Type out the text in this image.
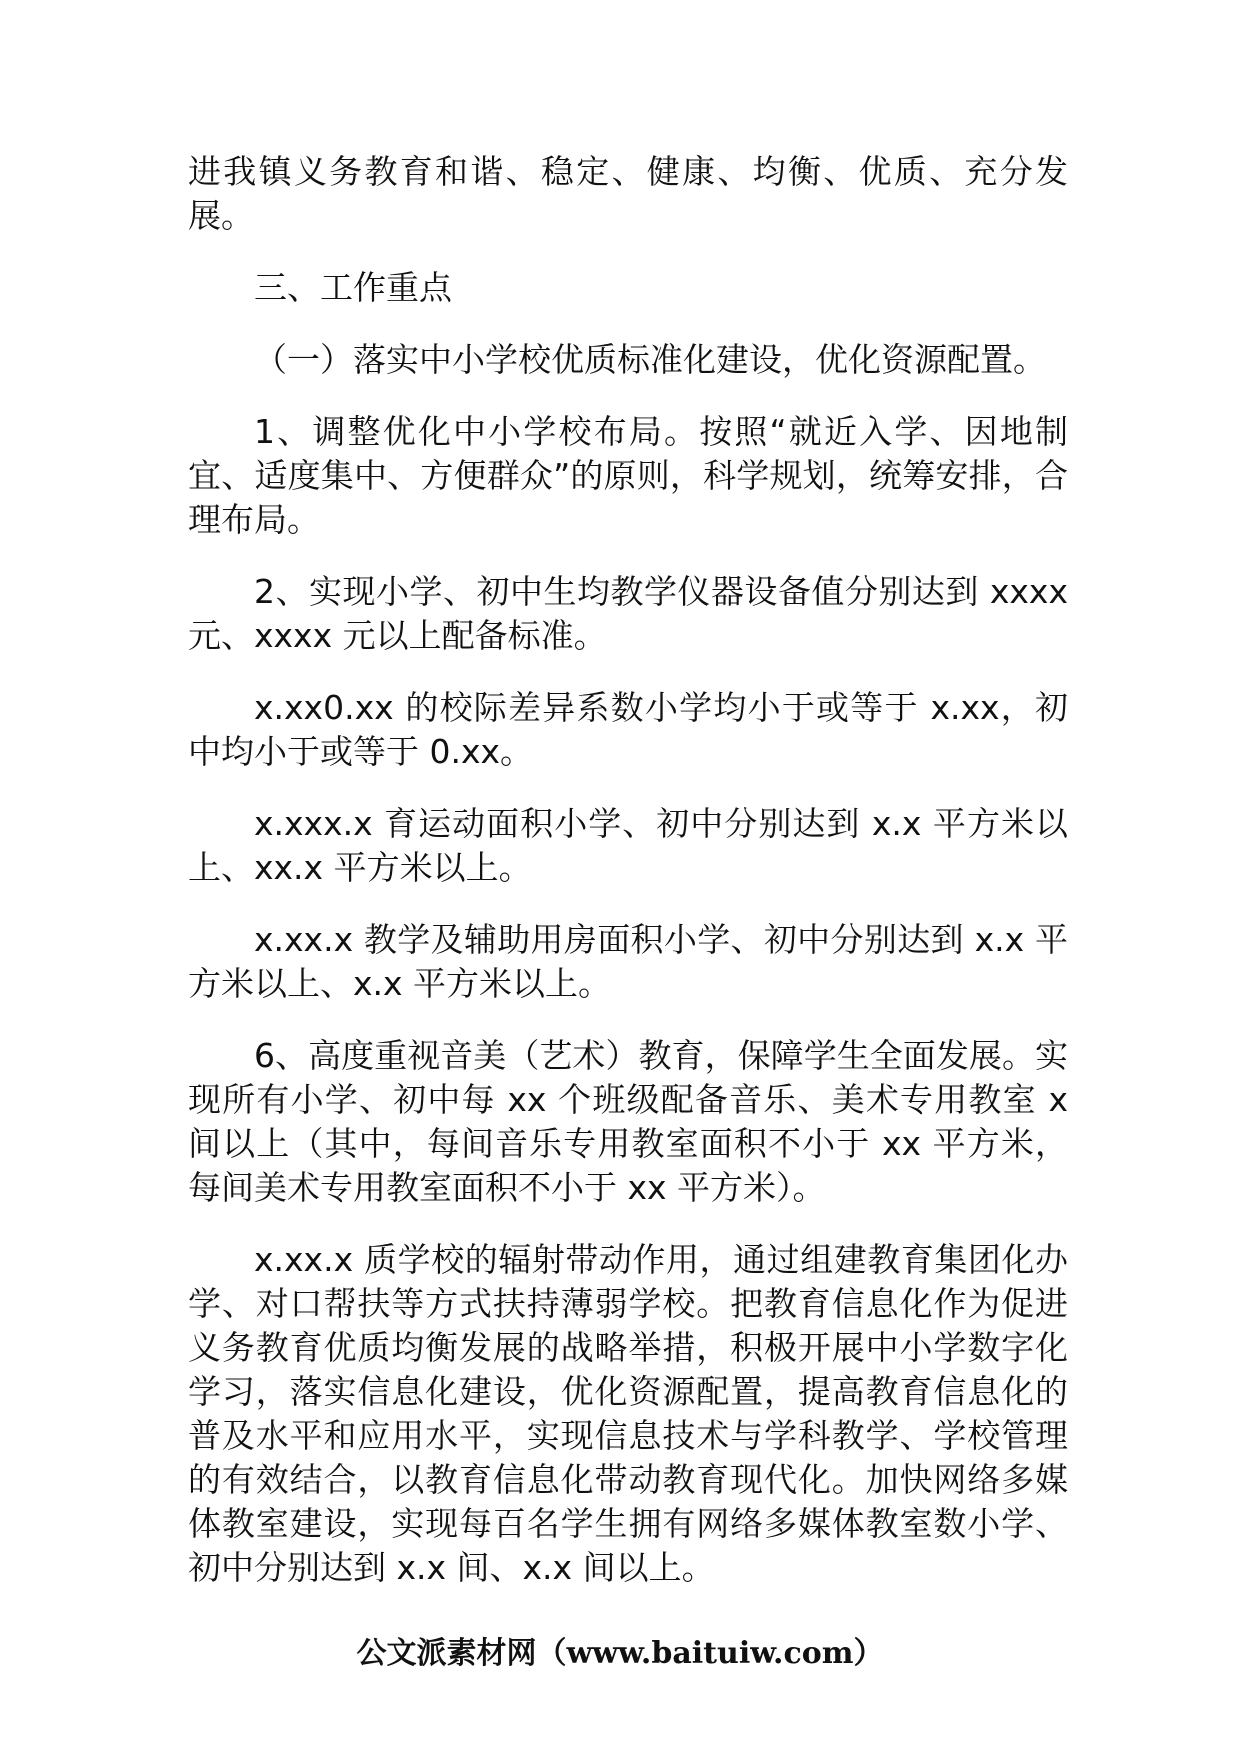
进我镇义务教育和谐、稳定、健康、均衡、优质、充分发展。

三、工作重点

（一）落实中小学校优质标准化建设，优化资源配置。

1、调整优化中小学校布局。按照“就近入学、因地制宜、适度集中、方便群众”的原则，科学规划，统筹安排，合理布局。

2、实现小学、初中生均教学仪器设备值分别达到 xxxx 元、xxxx 元以上配备标准。

x.xx0.xx 的校际差异系数小学均小于或等于 x.xx，初中均小于或等于 0.xx。

x.xxx.x 育运动面积小学、初中分别达到 x.x 平方米以上、xx.x 平方米以上。

x.xx.x 教学及辅助用房面积小学、初中分别达到 x.x 平方米以上、x.x 平方米以上。

6、高度重视音美（艺术）教育，保障学生全面发展。实现所有小学、初中每 xx 个班级配备音乐、美术专用教室 x 间以上（其中，每间音乐专用教室面积不小于 xx 平方米，每间美术专用教室面积不小于 xx 平方米）。

x.xx.x 质学校的辐射带动作用，通过组建教育集团化办学、对口帮扶等方式扶持薄弱学校。把教育信息化作为促进义务教育优质均衡发展的战略举措，积极开展中小学数字化学习，落实信息化建设，优化资源配置，提高教育信息化的普及水平和应用水平，实现信息技术与学科教学、学校管理的有效结合，以教育信息化带动教育现代化。加快网络多媒体教室建设，实现每百名学生拥有网络多媒体教室数小学、初中分别达到 x.x 间、x.x 间以上。

公文派素材网（www.baituiw.com）
